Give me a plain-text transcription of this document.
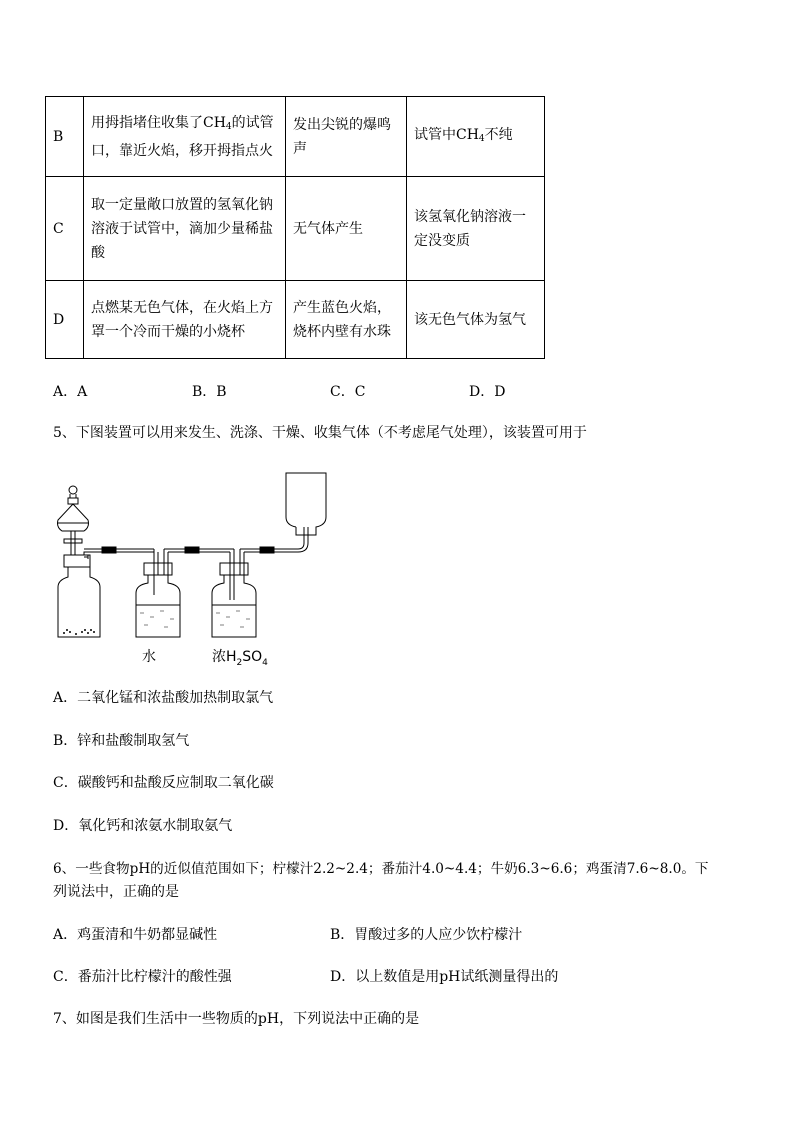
B	用拇指堵住收集了$CH_4$的试管口，靠近火焰，移开拇指点火	发出尖锐的爆鸣声	试管中$CH_4$不纯
C	取一定量敞口放置的氢氧化钠溶液于试管中，滴加少量稀盐酸	无气体产生	该氢氧化钠溶液一定没变质
D	点燃某无色气体，在火焰上方罩一个冷而干燥的小烧杯	产生蓝色火焰，烧杯内壁有水珠	该无色气体为氢气
A．A	B．B	C．C	D．D
5、下图装置可以用来发生、洗涤、干燥、收集气体（不考虑尾气处理），该装置可用于
水	浓$H_2SO_4$
A．二氧化锰和浓盐酸加热制取氯气
B．锌和盐酸制取氢气
C．碳酸钙和盐酸反应制取二氧化碳
D．氧化钙和浓氨水制取氨气
6、一些食物pH的近似值范围如下；柠檬汁2.2~2.4；番茄汁4.0~4.4；牛奶6.3~6.6；鸡蛋清7.6~8.0。下
列说法中，正确的是
A．鸡蛋清和牛奶都显碱性	B．胃酸过多的人应少饮柠檬汁
C．番茄汁比柠檬汁的酸性强	D．以上数值是用pH试纸测量得出的
7、如图是我们生活中一些物质的pH，下列说法中正确的是
